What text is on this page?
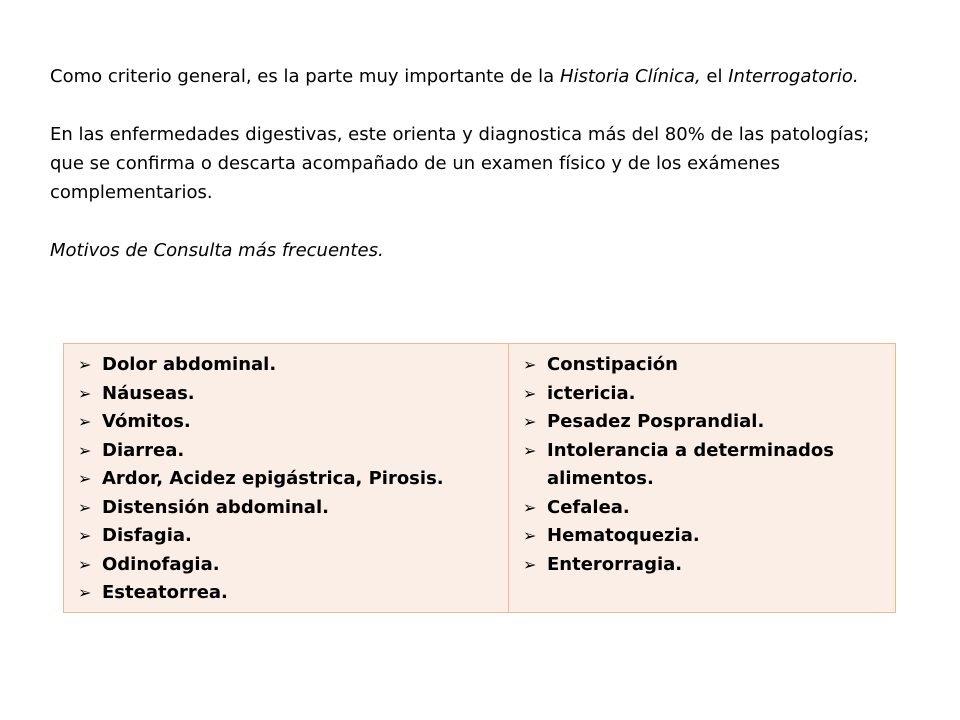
Como criterio general, es la parte muy importante de la Historia Clínica, el Interrogatorio.

En las enfermedades digestivas, este orienta y diagnostica más del 80% de las patologías; que se confirma o descarta acompañado de un examen físico y de los exámenes complementarios.

Motivos de Consulta más frecuentes.

➢ Dolor abdominal.
➢ Náuseas.
➢ Vómitos.
➢ Diarrea.
➢ Ardor, Acidez epigástrica, Pirosis.
➢ Distensión abdominal.
➢ Disfagia.
➢ Odinofagia.
➢ Esteatorrea.

➢ Constipación
➢ ictericia.
➢ Pesadez Posprandial.
➢ Intolerancia a determinados alimentos.
➢ Cefalea.
➢ Hematoquezia.
➢ Enterorragia.
